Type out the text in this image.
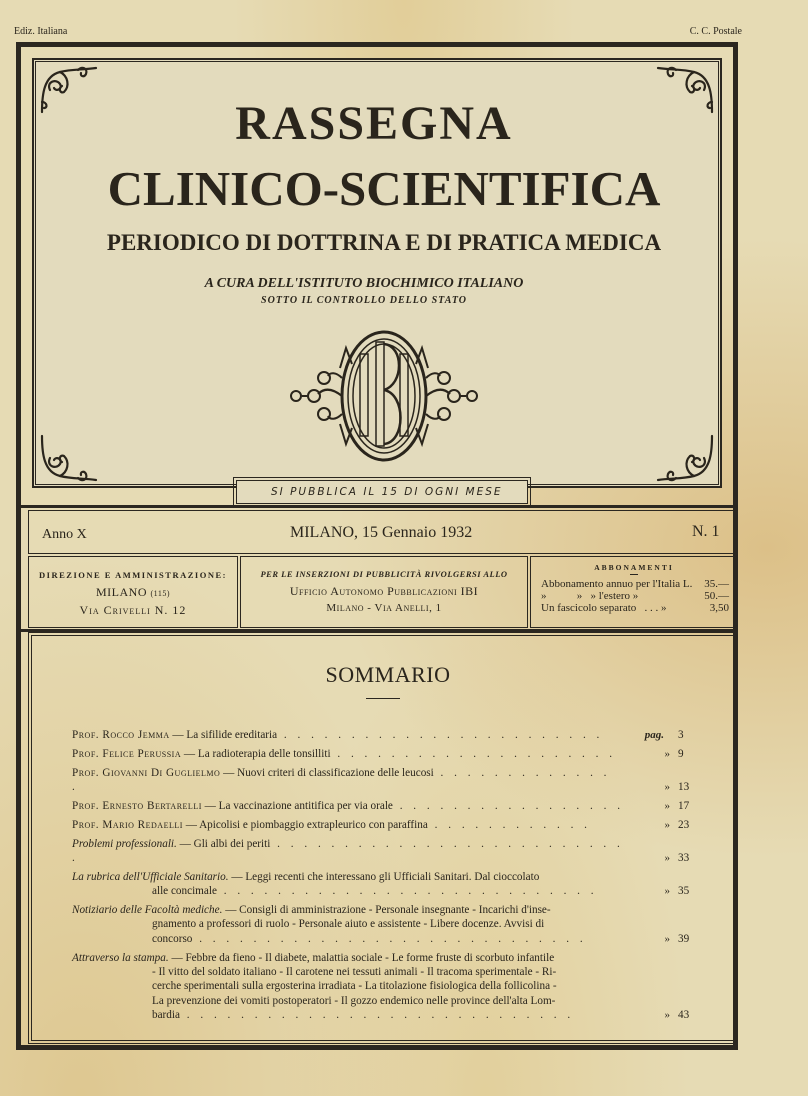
Ediz. Italiana	C. C. Postale
RASSEGNA
CLINICO-SCIENTIFICA
PERIODICO DI DOTTRINA E DI PRATICA MEDICA
A CURA DELL'ISTITUTO BIOCHIMICO ITALIANO
SOTTO IL CONTROLLO DELLO STATO
SI PUBBLICA IL 15 DI OGNI MESE
Anno X	MILANO, 15 Gennaio 1932	N. 1
DIREZIONE E AMMINISTRAZIONE:
MILANO (115)
Via Crivelli N. 12
PER LE INSERZIONI DI PUBBLICITÀ RIVOLGERSI ALLO
Ufficio Autonomo Pubblicazioni IBI
Milano - Via Anelli, 1
ABBONAMENTI
Abbonamento annuo per l'Italia L. 35.—
»           »   » l'estero »	50.—
Un fascicolo separato   . . . »	3,50
SOMMARIO
Prof. Rocco Jemma — La sifilide ereditaria . . . . . . . . . . . . . . . . . . . . . . . .	pag. 3
Prof. Felice Perussia — La radioterapia delle tonsilliti . . . . . . . . . . . . . . . . . . . . .	» 9
Prof. Giovanni Di Guglielmo — Nuovi criteri di classificazione delle leucosi . . . . . . . . . . . . . .	» 13
Prof. Ernesto Bertarelli — La vaccinazione antitifica per via orale . . . . . . . . . . . . . . . . .	» 17
Prof. Mario Redaelli — Apicolisi e piombaggio extrapleurico con paraffina . . . . . . . . . . . .	» 23
Problemi professionali. — Gli albi dei periti . . . . . . . . . . . . . . . . . . . . . . . . . . .	» 33
La rubrica dell'Ufficiale Sanitario. — Leggi recenti che interessano gli Ufficiali Sanitari. Dal cioccolato
alle concimale . . . . . . . . . . . . . . . . . . . . . . . . . . . .	» 35
Notiziario delle Facoltà mediche. — Consigli di amministrazione - Personale insegnante - Incarichi d'inse-
gnamento a professori di ruolo - Personale aiuto e assistente - Libere docenze. Avvisi di
concorso . . . . . . . . . . . . . . . . . . . . . . . . . . . . .	» 39
Attraverso la stampa. — Febbre da fieno - Il diabete, malattia sociale - Le forme fruste di scorbuto infantile
- Il vitto del soldato italiano - Il carotene nei tessuti animali - Il tracoma sperimentale - Ri-
cerche sperimentali sulla ergosterina irradiata - La titolazione fisiologica della follicolina -
La prevenzione dei vomiti postoperatori - Il gozzo endemico nelle province dell'alta Lom-
bardia . . . . . . . . . . . . . . . . . . . . . . . . . . . . .	» 43
